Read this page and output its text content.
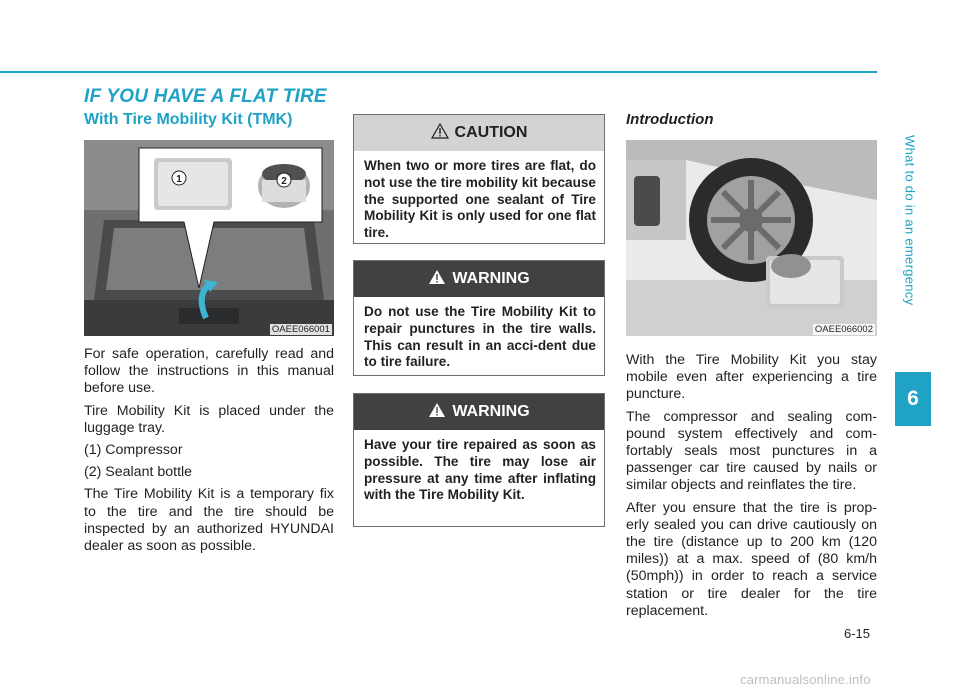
IF YOU HAVE A FLAT TIRE
With Tire Mobility Kit (TMK)	Introduction
1	2
OAEE066001

For safe operation, carefully read and follow the instructions in this manual before use.

Tire Mobility Kit is placed under the luggage tray.

(1) Compressor

(2) Sealant bottle

The Tire Mobility Kit is a temporary fix to the tire and the tire should be inspected by an authorized HYUNDAI dealer as soon as possible.

CAUTION
When two or more tires are flat, do not use the tire mobility kit because the supported one sealant of Tire Mobility Kit is only used for one flat tire.
WARNING
Do not use the Tire Mobility Kit to repair punctures in the tire walls. This can result in an acci-dent due to tire failure.
WARNING
Have your tire repaired as soon as possible. The tire may lose air pressure at any time after inflating with the Tire Mobility Kit.
OAEE066002

With the Tire Mobility Kit you stay mobile even after experiencing a tire puncture.

The compressor and sealing com-pound system effectively and com-fortably seals most punctures in a passenger car tire caused by nails or similar objects and reinflates the tire.

After you ensure that the tire is prop-erly sealed you can drive cautiously on the tire (distance up to 200 km (120 miles)) at a max. speed of (80 km/h (50mph)) in order to reach a service station or tire dealer for the tire replacement.

What to do in an emergency
6
6-15
carmanualsonline.info
